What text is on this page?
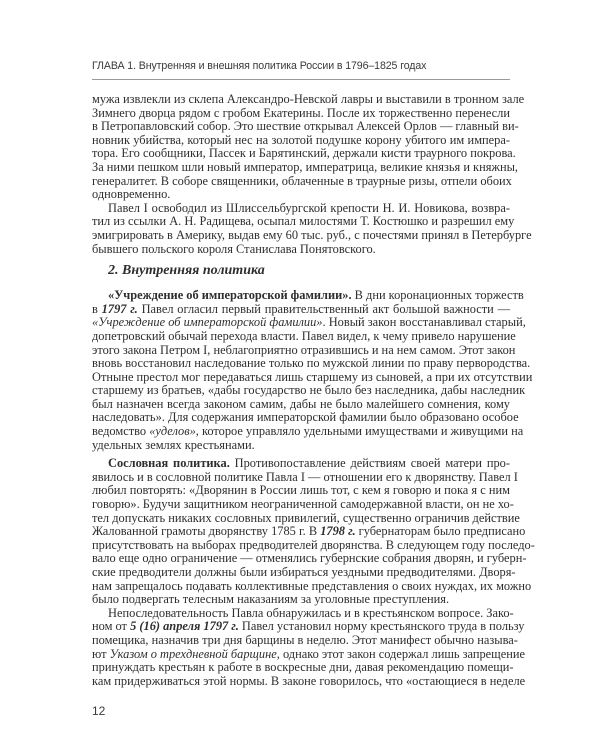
ГЛАВА 1. Внутренняя и внешняя политика России в 1796–1825 годах
мужа извлекли из склепа Александро-Невской лавры и выставили в тронном зале
Зимнего дворца рядом с гробом Екатерины. После их торжественно перенесли
в Петропавловский собор. Это шествие открывал Алексей Орлов — главный ви-
новник убийства, который нес на золотой подушке корону убитого им импера-
тора. Его сообщники, Пассек и Барятинский, держали кисти траурного покрова.
За ними пешком шли новый император, императрица, великие князья и княжны,
генералитет. В соборе священники, облаченные в траурные ризы, отпели обоих
одновременно.
Павел I освободил из Шлиссельбургской крепости Н. И. Новикова, возвра-
тил из ссылки А. Н. Радищева, осыпал милостями Т. Костюшко и разрешил ему
эмигрировать в Америку, выдав ему 60 тыс. руб., с почестями принял в Петербурге
бывшего польского короля Станислава Понятовского.
2. Внутренняя политика
«Учреждение об императорской фамилии». В дни коронационных торжеств
в 1797 г. Павел огласил первый правительственный акт большой важности —
«Учреждение об императорской фамилии». Новый закон восстанавливал старый,
допетровский обычай перехода власти. Павел видел, к чему привело нарушение
этого закона Петром I, неблагоприятно отразившись и на нем самом. Этот закон
вновь восстановил наследование только по мужской линии по праву первородства.
Отныне престол мог передаваться лишь старшему из сыновей, а при их отсутствии
старшему из братьев, «дабы государство не было без наследника, дабы наследник
был назначен всегда законом самим, дабы не было малейшего сомнения, кому
наследовать». Для содержания императорской фамилии было образовано особое
ведомство «уделов», которое управляло удельными имуществами и живущими на
удельных землях крестьянами.
Сословная политика. Противопоставление действиям своей матери про-
явилось и в сословной политике Павла I — отношении его к дворянству. Павел I
любил повторять: «Дворянин в России лишь тот, с кем я говорю и пока я с ним
говорю». Будучи защитником неограниченной самодержавной власти, он не хо-
тел допускать никаких сословных привилегий, существенно ограничив действие
Жалованной грамоты дворянству 1785 г. В 1798 г. губернаторам было предписано
присутствовать на выборах предводителей дворянства. В следующем году последо-
вало еще одно ограничение — отменялись губернские собрания дворян, и губерн-
ские предводители должны были избираться уездными предводителями. Дворя-
нам запрещалось подавать коллективные представления о своих нуждах, их можно
было подвергать телесным наказаниям за уголовные преступления.
Непоследовательность Павла обнаружилась и в крестьянском вопросе. Зако-
ном от 5 (16) апреля 1797 г. Павел установил норму крестьянского труда в пользу
помещика, назначив три дня барщины в неделю. Этот манифест обычно называ-
ют Указом о трехдневной барщине, однако этот закон содержал лишь запрещение
принуждать крестьян к работе в воскресные дни, давая рекомендацию помещи-
кам придерживаться этой нормы. В законе говорилось, что «остающиеся в неделе
12
